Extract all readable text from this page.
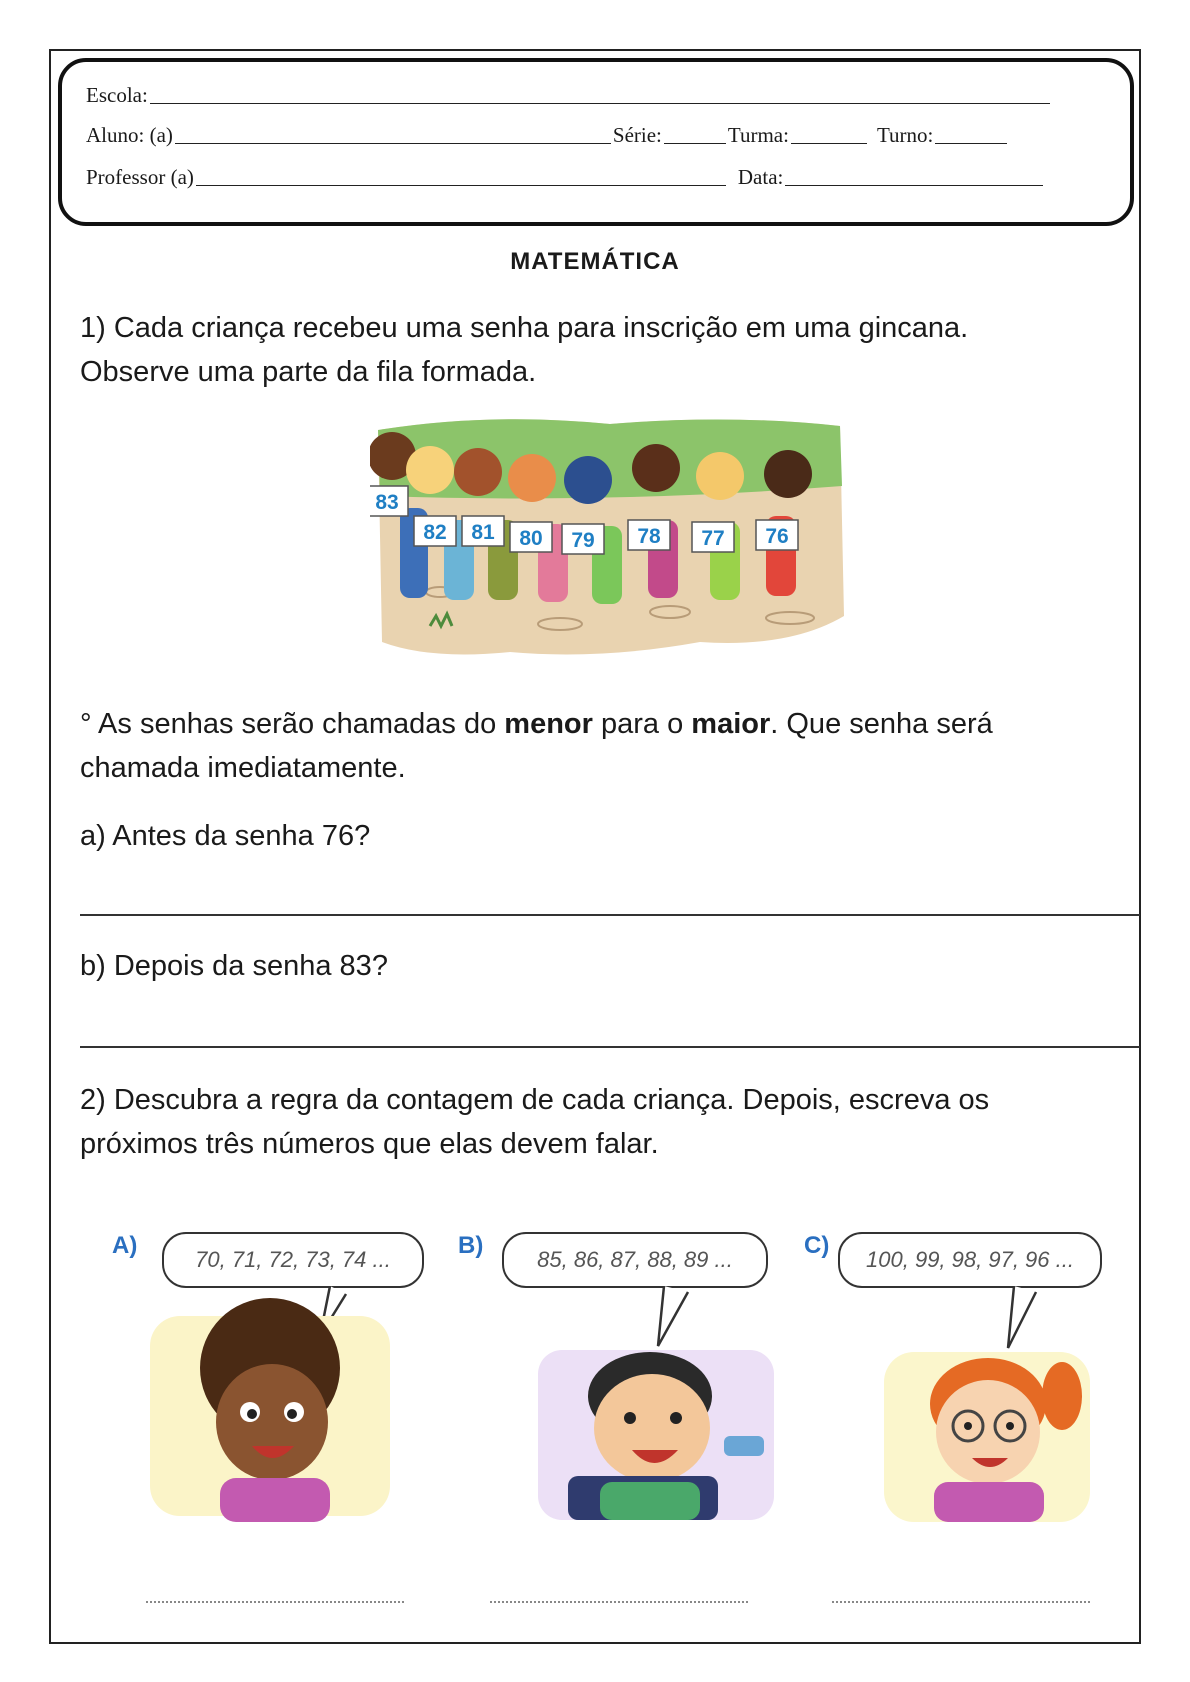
Escola:
Aluno: (a)	Série:	Turma:	Turno:
Professor (a)	Data:
MATEMÁTICA
1) Cada criança recebeu uma senha para inscrição em uma gincana.
Observe uma parte da fila formada.
83
82 81 80 79 78 77 76
° As senhas serão chamadas do menor para o maior. Que senha será
chamada imediatamente.
a) Antes da senha 76?
b) Depois da senha 83?
2) Descubra a regra da contagem de cada criança. Depois, escreva os
próximos três números que elas devem falar.
A)
70, 71, 72, 73, 74 ...
B)
85, 86, 87, 88, 89 ...
C)
100, 99, 98, 97, 96 ...
